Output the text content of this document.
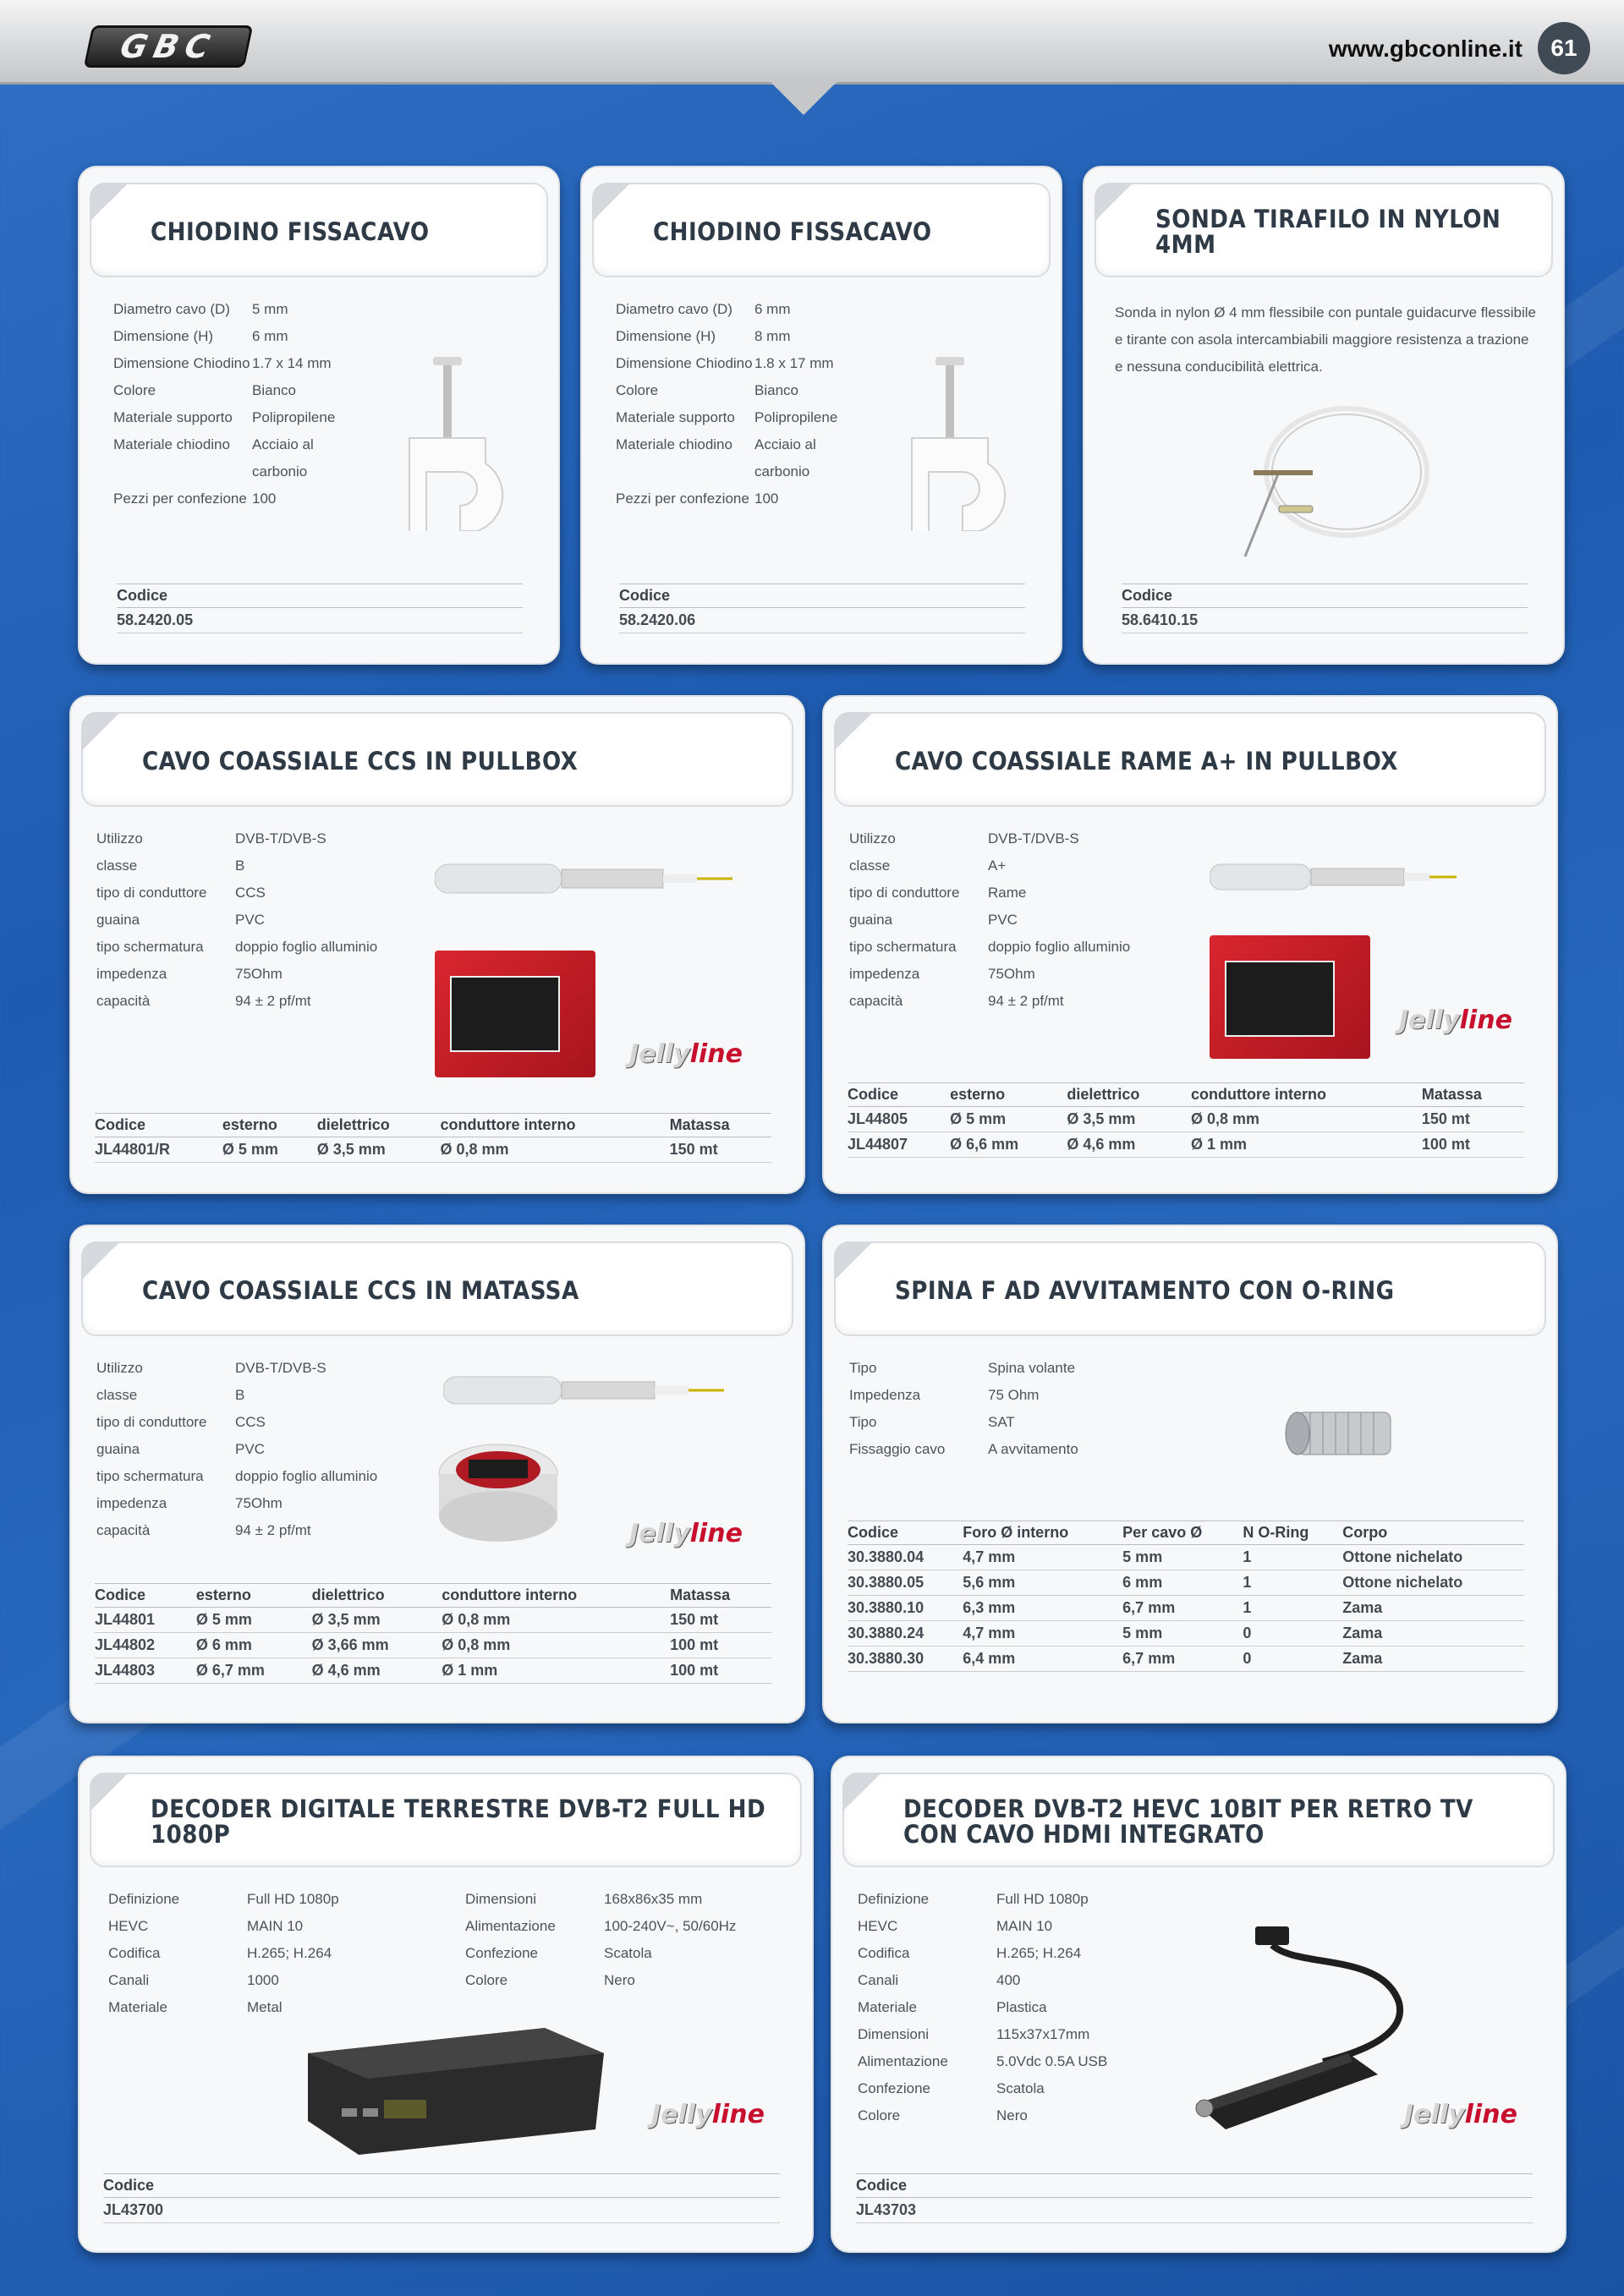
GBC	www.gbconline.it	61
CHIODINO FISSACAVO
Diametro cavo (D)	5 mm
Dimensione (H)	6 mm
Dimensione Chiodino 1.7 x 14 mm
Colore	Bianco
Materiale supporto	Polipropilene
Materiale chiodino	Acciaio al carbonio
Pezzi per confezione 100
Codice
58.2420.05
CHIODINO FISSACAVO
Diametro cavo (D)	6 mm
Dimensione (H)	8 mm
Dimensione Chiodino 1.8 x 17 mm
Colore	Bianco
Materiale supporto	Polipropilene
Materiale chiodino	Acciaio al carbonio
Pezzi per confezione 100
Codice
58.2420.06
SONDA TIRAFILO IN NYLON 4MM
Sonda in nylon Ø 4 mm flessibile con puntale guidacurve flessibile e tirante con asola intercambiabili maggiore resistenza a trazione e nessuna conducibilità elettrica.
Codice
58.6410.15
CAVO COASSIALE CCS IN PULLBOX
Utilizzo	DVB-T/DVB-S
classe	B
tipo di conduttore	CCS
guaina	PVC
tipo schermatura	doppio foglio alluminio
impedenza	75Ohm
capacità	94 ± 2 pf/mt
Jellyline
Codice	esterno	dielettrico	conduttore interno	Matassa
JL44801/R	Ø 5 mm	Ø 3,5 mm	Ø 0,8 mm	150 mt
CAVO COASSIALE RAME A+ IN PULLBOX
Utilizzo	DVB-T/DVB-S
classe	A+
tipo di conduttore	Rame
guaina	PVC
tipo schermatura	doppio foglio alluminio
impedenza	75Ohm
capacità	94 ± 2 pf/mt
Jellyline
Codice	esterno	dielettrico	conduttore interno	Matassa
JL44805	Ø 5 mm	Ø 3,5 mm	Ø 0,8 mm	150 mt
JL44807	Ø 6,6 mm	Ø 4,6 mm	Ø 1 mm	100 mt
CAVO COASSIALE CCS IN MATASSA
Utilizzo	DVB-T/DVB-S
classe	B
tipo di conduttore	CCS
guaina	PVC
tipo schermatura	doppio foglio alluminio
impedenza	75Ohm
capacità	94 ± 2 pf/mt	Jellyline
Codice	esterno	dielettrico	conduttore interno	Matassa
JL44801	Ø 5 mm	Ø 3,5 mm	Ø 0,8 mm	150 mt
JL44802	Ø 6 mm	Ø 3,66 mm	Ø 0,8 mm	100 mt
JL44803	Ø 6,7 mm	Ø 4,6 mm	Ø 1 mm	100 mt
SPINA F AD AVVITAMENTO CON O-RING
Tipo	Spina volante
Impedenza	75 Ohm
Tipo	SAT
Fissaggio cavo	A avvitamento
Codice	Foro Ø interno	Per cavo Ø	N O-Ring	Corpo
30.3880.04	4,7 mm	5 mm	1	Ottone nichelato
30.3880.05	5,6 mm	6 mm	1	Ottone nichelato
30.3880.10	6,3 mm	6,7 mm	1	Zama
30.3880.24	4,7 mm	5 mm	0	Zama
30.3880.30	6,4 mm	6,7 mm	0	Zama
DECODER DIGITALE TERRESTRE DVB-T2 FULL HD 1080P
Definizione	Full HD 1080p
HEVC	MAIN 10
Codifica	H.265; H.264
Canali	1000
Materiale	Metal
Dimensioni	168x86x35 mm
Alimentazione	100-240V~, 50/60Hz
Confezione	Scatola
Colore	Nero
Jellyline
Codice
JL43700
DECODER DVB-T2 HEVC 10BIT PER RETRO TV CON CAVO HDMI INTEGRATO
Definizione	Full HD 1080p
HEVC	MAIN 10
Codifica	H.265; H.264
Canali	400
Materiale	Plastica
Dimensioni	115x37x17mm
Alimentazione	5.0Vdc 0.5A USB
Confezione	Scatola
Colore	Nero	Jellyline
Codice
JL43703
